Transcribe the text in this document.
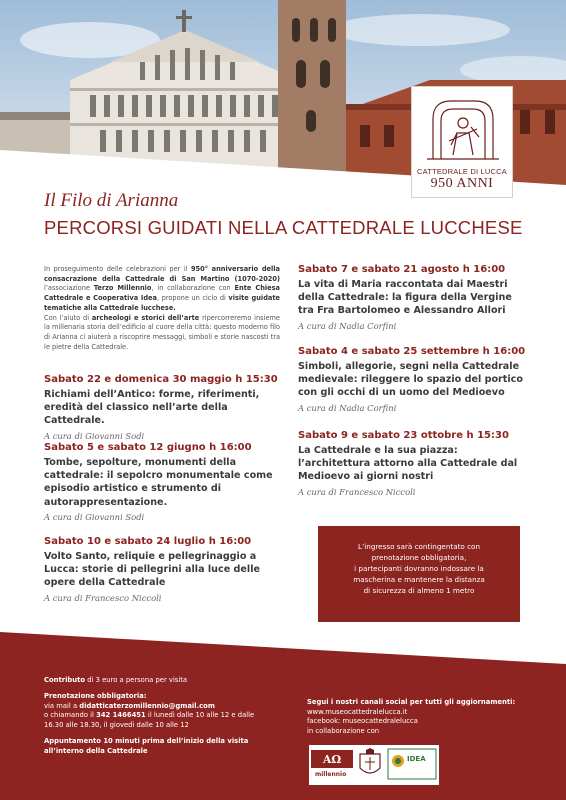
CATTEDRALE DI LUCCA
950 ANNI
Il Filo di Arianna
PERCORSI GUIDATI NELLA CATTEDRALE LUCCHESE
In proseguimento delle celebrazioni per il 950° anniversario della consacrazione della Cattedrale di San Martino (1070-2020) l’associazione Terzo Millennio, in collaborazione con Ente Chiesa Cattedrale e Cooperativa Idea, propone un ciclo di visite guidate tematiche alla Cattedrale lucchese.
Con l’aiuto di archeologi e storici dell’arte ripercorreremo insieme la millenaria storia dell’edificio al cuore della città: questo moderno filo di Arianna ci aiuterà a riscoprire messaggi, simboli e storie nascosti tra le pietre della Cattedrale.
Sabato 22 e domenica 30 maggio h 15:30
Richiami dell’Antico: forme, riferimenti, eredità del classico nell’arte della Cattedrale.
A cura di Giovanni Sodi
Sabato 5 e sabato 12 giugno h 16:00
Tombe, sepolture, monumenti della cattedrale: il sepolcro monumentale come episodio artistico e strumento di autorappresentazione.
A cura di Giovanni Sodi
Sabato 10 e sabato 24 luglio h 16:00
Volto Santo, reliquie e pellegrinaggio a Lucca: storie di pellegrini alla luce delle opere della Cattedrale
A cura di Francesco Niccoli
Sabato 7 e sabato 21 agosto h 16:00
La vita di Maria raccontata dai Maestri della Cattedrale: la figura della Vergine tra Fra Bartolomeo e Alessandro Allori
A cura di Nadia Corfini
Sabato 4 e sabato 25 settembre h 16:00
Simboli, allegorie, segni nella Cattedrale medievale: rileggere lo spazio del portico con gli occhi di un uomo del Medioevo
A cura di Nadia Corfini
Sabato 9 e sabato 23 ottobre h 15:30
La Cattedrale e la sua piazza: l’architettura attorno alla Cattedrale dal Medioevo ai giorni nostri
A cura di Francesco Niccoli
L’ingresso sarà contingentato con
prenotazione obbligatoria,
i partecipanti dovranno indossare la
mascherina e mantenere la distanza
di sicurezza di almeno 1 metro
Contributo di 3 euro a persona per visita
Prenotazione obbligatoria:
via mail a didatticaterzomillennio@gmail.com
o chiamando il 342 1466451 il lunedì dalle 10 alle 12 e dalle 16.30 alle 18.30, il giovedì dalle 10 alle 12
Appuntamento 10 minuti prima dell’inizio della visita all’interno della Cattedrale
Segui i nostri canali social per tutti gli aggiornamenti:
www.museocattedralelucca.it
facebook: museocattedralelucca
in collaborazione con
AΩ
millennio
IDEA
